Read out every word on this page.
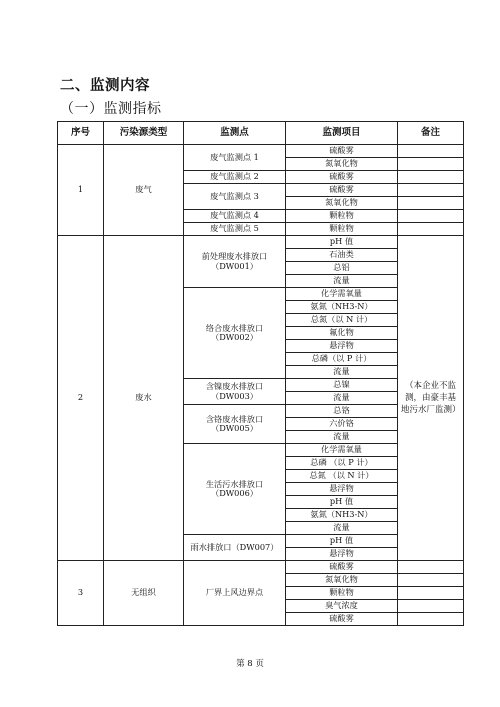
二、监测内容
（一）监测指标
序号	污染源类型	监测点	监测项目	备注
1	废气	废气监测点 1	硫酸雾	
			氮氧化物	
		废气监测点 2	硫酸雾	
		废气监测点 3	硫酸雾	
			氮氧化物	
		废气监测点 4	颗粒物	
		废气监测点 5	颗粒物	
2	废水	前处理废水排放口（DW001）	pH 值	（本企业不监测，由豪丰基地污水厂监测）
			石油类	
			总铝	
			流量	
		络合废水排放口（DW002）	化学需氧量	
			氨氮（NH3-N）	
			总氮（以 N 计）	
			氟化物	
			悬浮物	
			总磷（以 P 计）	
			流量	
		含镍废水排放口（DW003）	总镍	
			流量	
		含铬废水排放口（DW005）	总铬	
			六价铬	
			流量	
		生活污水排放口（DW006）	化学需氧量	
			总磷 （以 P 计）	
			总氮 （以 N 计）	
			悬浮物	
			pH 值	
			氨氮（NH3-N）	
			流量	
		雨水排放口（DW007）	pH 值	
			悬浮物	
3	无组织	厂界上风边界点	硫酸雾	
			氮氧化物	
			颗粒物	
			臭气浓度	
			硫酸雾	
第 8 页
